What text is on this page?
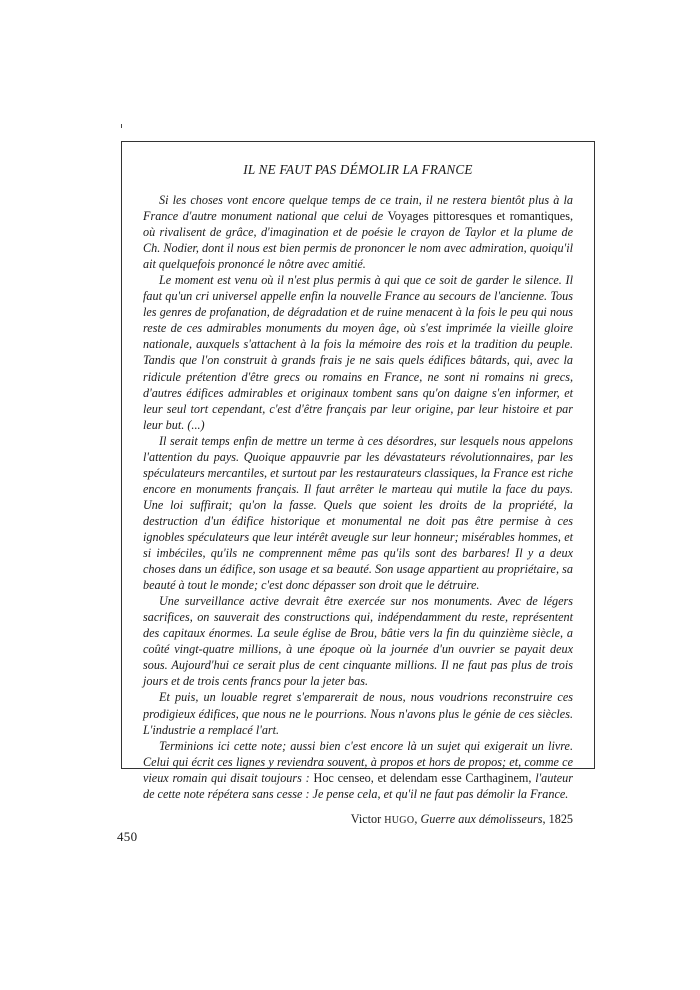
IL NE FAUT PAS DÉMOLIR LA FRANCE

Si les choses vont encore quelque temps de ce train, il ne restera bientôt plus à la France d'autre monument national que celui de Voyages pittoresques et romantiques, où rivalisent de grâce, d'imagination et de poésie le crayon de Taylor et la plume de Ch. Nodier, dont il nous est bien permis de prononcer le nom avec admiration, quoiqu'il ait quelquefois prononcé le nôtre avec amitié.

Le moment est venu où il n'est plus permis à qui que ce soit de garder le silence. Il faut qu'un cri universel appelle enfin la nouvelle France au secours de l'ancienne. Tous les genres de profanation, de dégradation et de ruine menacent à la fois le peu qui nous reste de ces admirables monuments du moyen âge, où s'est imprimée la vieille gloire nationale, auxquels s'attachent à la fois la mémoire des rois et la tradition du peuple. Tandis que l'on construit à grands frais je ne sais quels édifices bâtards, qui, avec la ridicule prétention d'être grecs ou romains en France, ne sont ni romains ni grecs, d'autres édifices admirables et originaux tombent sans qu'on daigne s'en informer, et leur seul tort cependant, c'est d'être français par leur origine, par leur histoire et par leur but. (...)

Il serait temps enfin de mettre un terme à ces désordres, sur lesquels nous appelons l'attention du pays. Quoique appauvrie par les dévastateurs révolutionnaires, par les spéculateurs mercantiles, et surtout par les restaurateurs classiques, la France est riche encore en monuments français. Il faut arrêter le marteau qui mutile la face du pays. Une loi suffirait; qu'on la fasse. Quels que soient les droits de la propriété, la destruction d'un édifice historique et monumental ne doit pas être permise à ces ignobles spéculateurs que leur intérêt aveugle sur leur honneur; misérables hommes, et si imbéciles, qu'ils ne comprennent même pas qu'ils sont des barbares! Il y a deux choses dans un édifice, son usage et sa beauté. Son usage appartient au propriétaire, sa beauté à tout le monde; c'est donc dépasser son droit que le détruire.

Une surveillance active devrait être exercée sur nos monuments. Avec de légers sacrifices, on sauverait des constructions qui, indépendamment du reste, représentent des capitaux énormes. La seule église de Brou, bâtie vers la fin du quinzième siècle, a coûté vingt-quatre millions, à une époque où la journée d'un ouvrier se payait deux sous. Aujourd'hui ce serait plus de cent cinquante millions. Il ne faut pas plus de trois jours et de trois cents francs pour la jeter bas.

Et puis, un louable regret s'emparerait de nous, nous voudrions reconstruire ces prodigieux édifices, que nous ne le pourrions. Nous n'avons plus le génie de ces siècles. L'industrie a remplacé l'art.

Terminions ici cette note; aussi bien c'est encore là un sujet qui exigerait un livre. Celui qui écrit ces lignes y reviendra souvent, à propos et hors de propos; et, comme ce vieux romain qui disait toujours : Hoc censeo, et delendam esse Carthaginem, l'auteur de cette note répétera sans cesse : Je pense cela, et qu'il ne faut pas démolir la France.

Victor HUGO, Guerre aux démolisseurs, 1825
450
